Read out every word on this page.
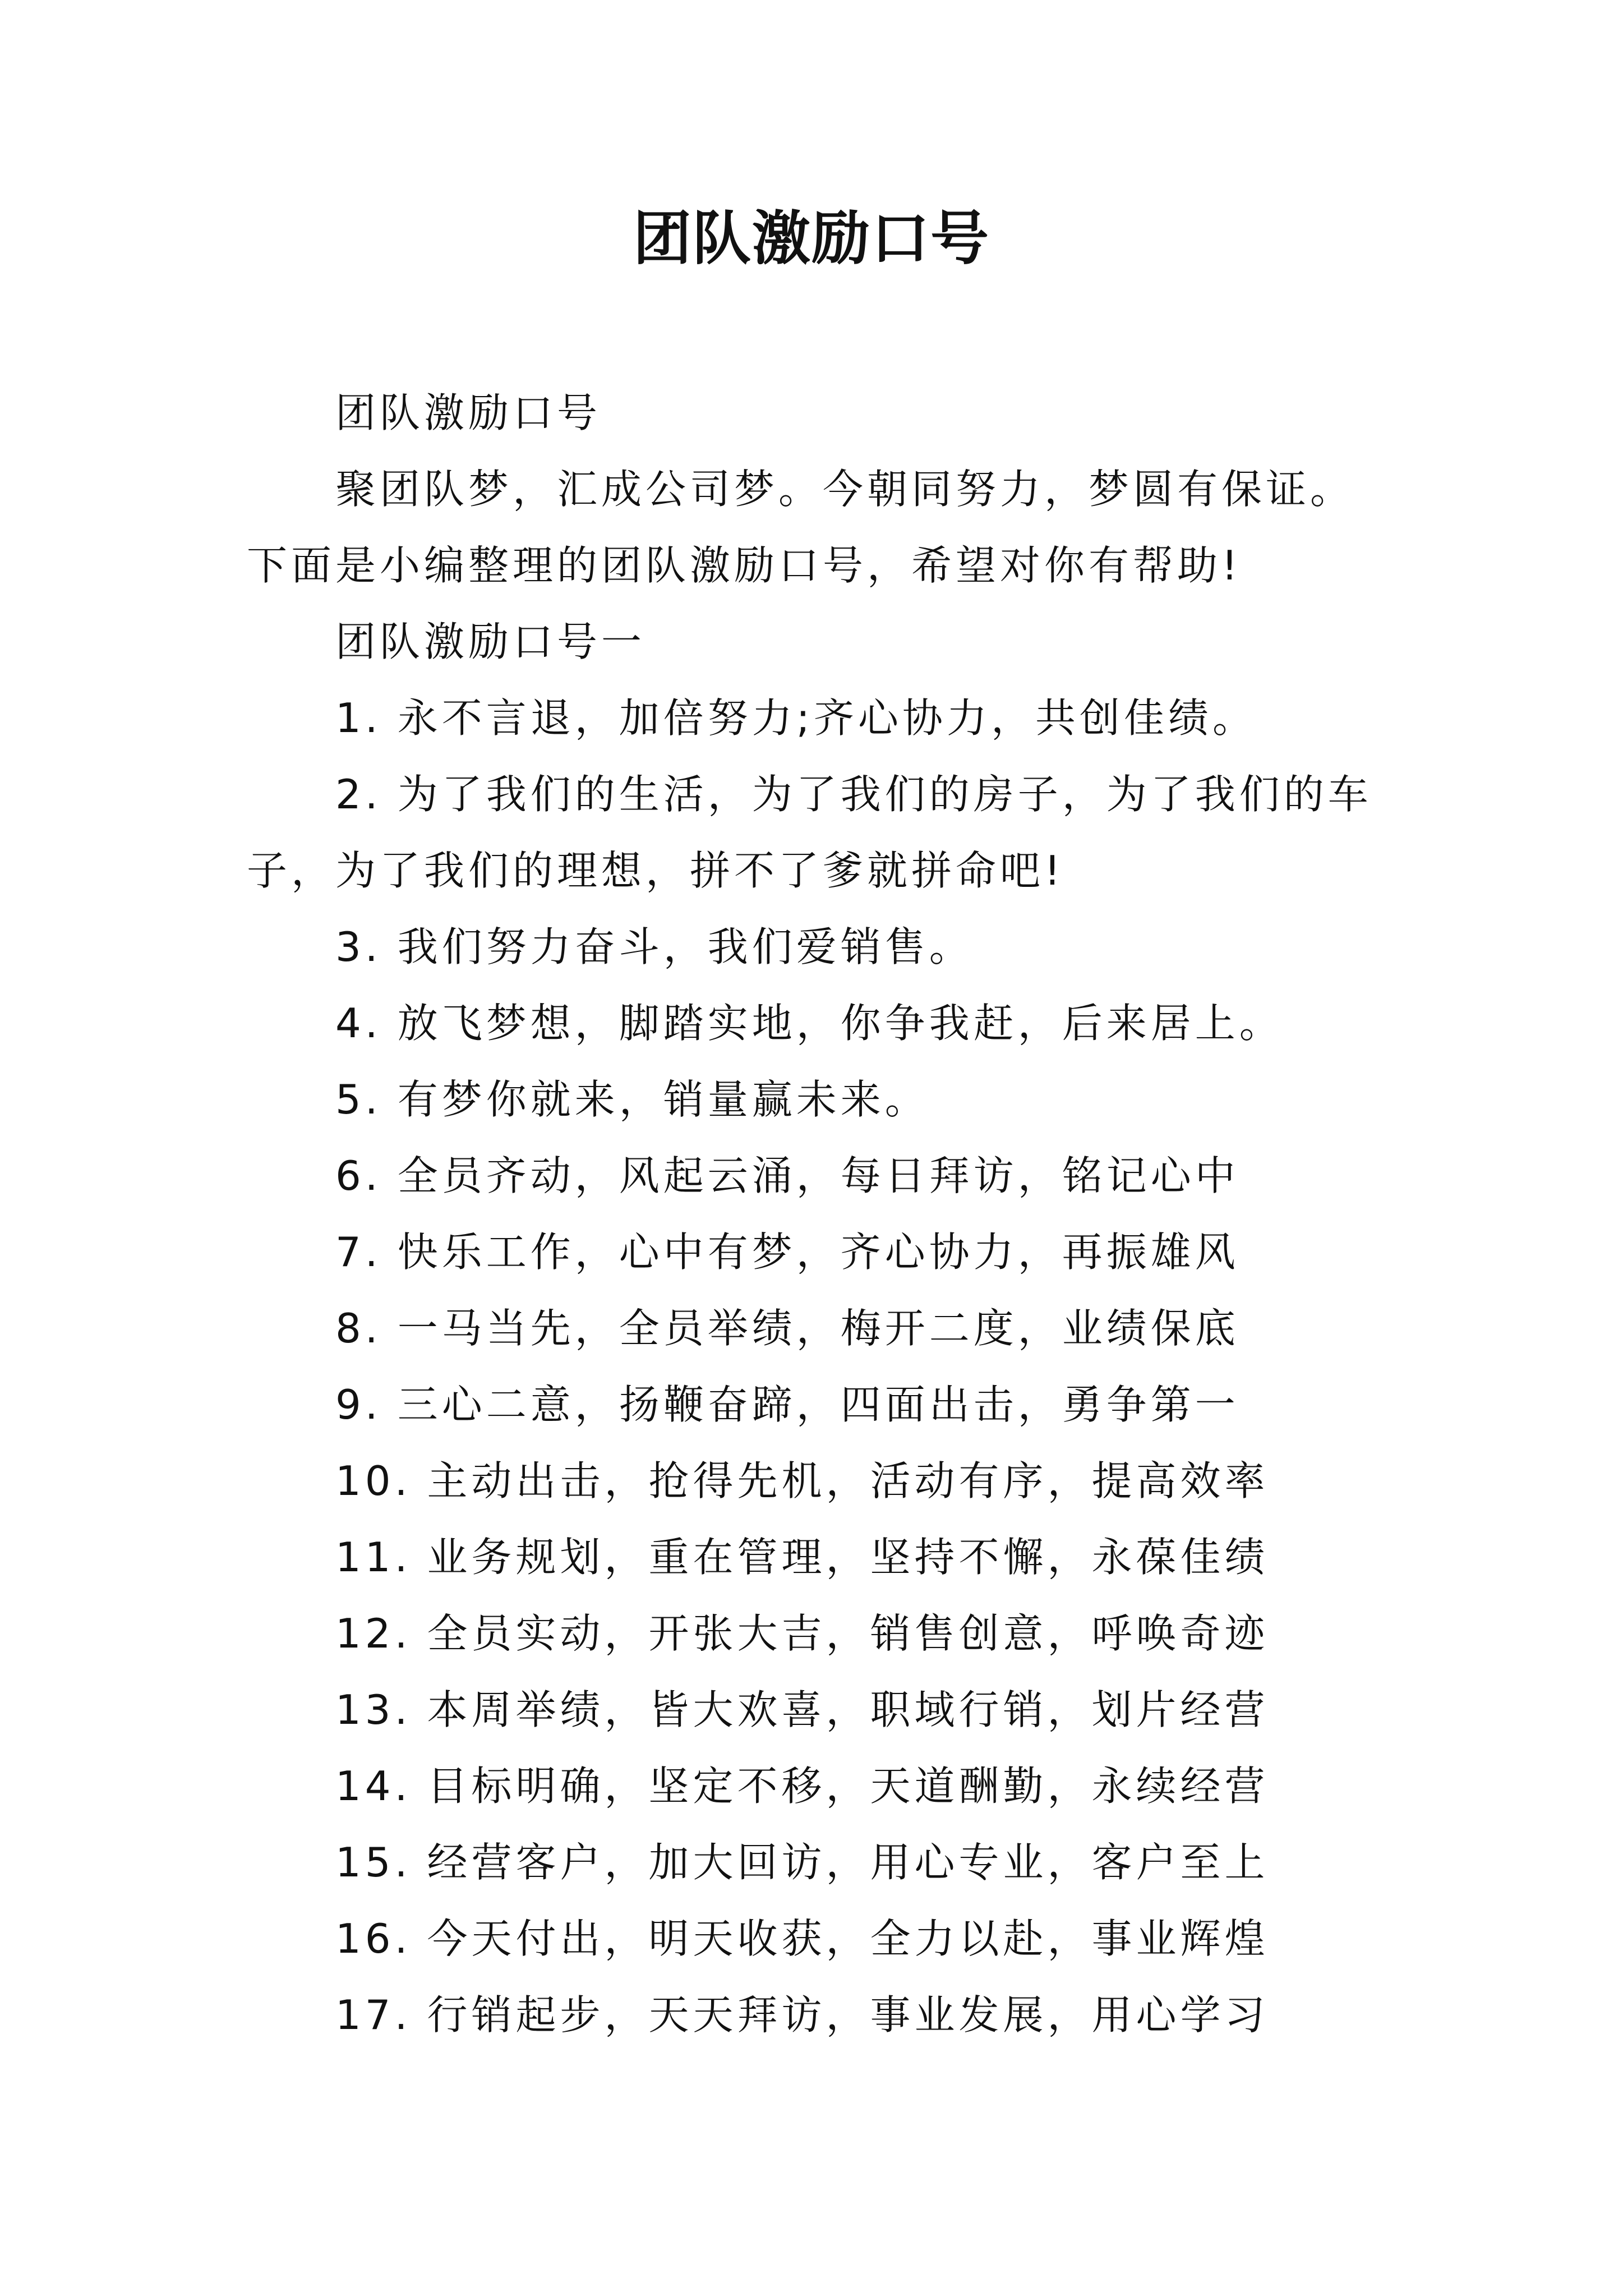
团队激励口号

团队激励口号

聚团队梦，汇成公司梦。今朝同努力，梦圆有保证。下面是小编整理的团队激励口号，希望对你有帮助!

团队激励口号一

1. 永不言退，加倍努力;齐心协力，共创佳绩。

2. 为了我们的生活，为了我们的房子，为了我们的车子，为了我们的理想，拼不了爹就拼命吧!

3. 我们努力奋斗，我们爱销售。

4. 放飞梦想，脚踏实地，你争我赶，后来居上。

5. 有梦你就来，销量赢未来。

6. 全员齐动，风起云涌，每日拜访，铭记心中

7. 快乐工作，心中有梦，齐心协力，再振雄风

8. 一马当先，全员举绩，梅开二度，业绩保底

9. 三心二意，扬鞭奋蹄，四面出击，勇争第一

10. 主动出击，抢得先机，活动有序，提高效率

11. 业务规划，重在管理，坚持不懈，永葆佳绩

12. 全员实动，开张大吉，销售创意，呼唤奇迹

13. 本周举绩，皆大欢喜，职域行销，划片经营

14. 目标明确，坚定不移，天道酬勤，永续经营

15. 经营客户，加大回访，用心专业，客户至上

16. 今天付出，明天收获，全力以赴，事业辉煌

17. 行销起步，天天拜访，事业发展，用心学习
